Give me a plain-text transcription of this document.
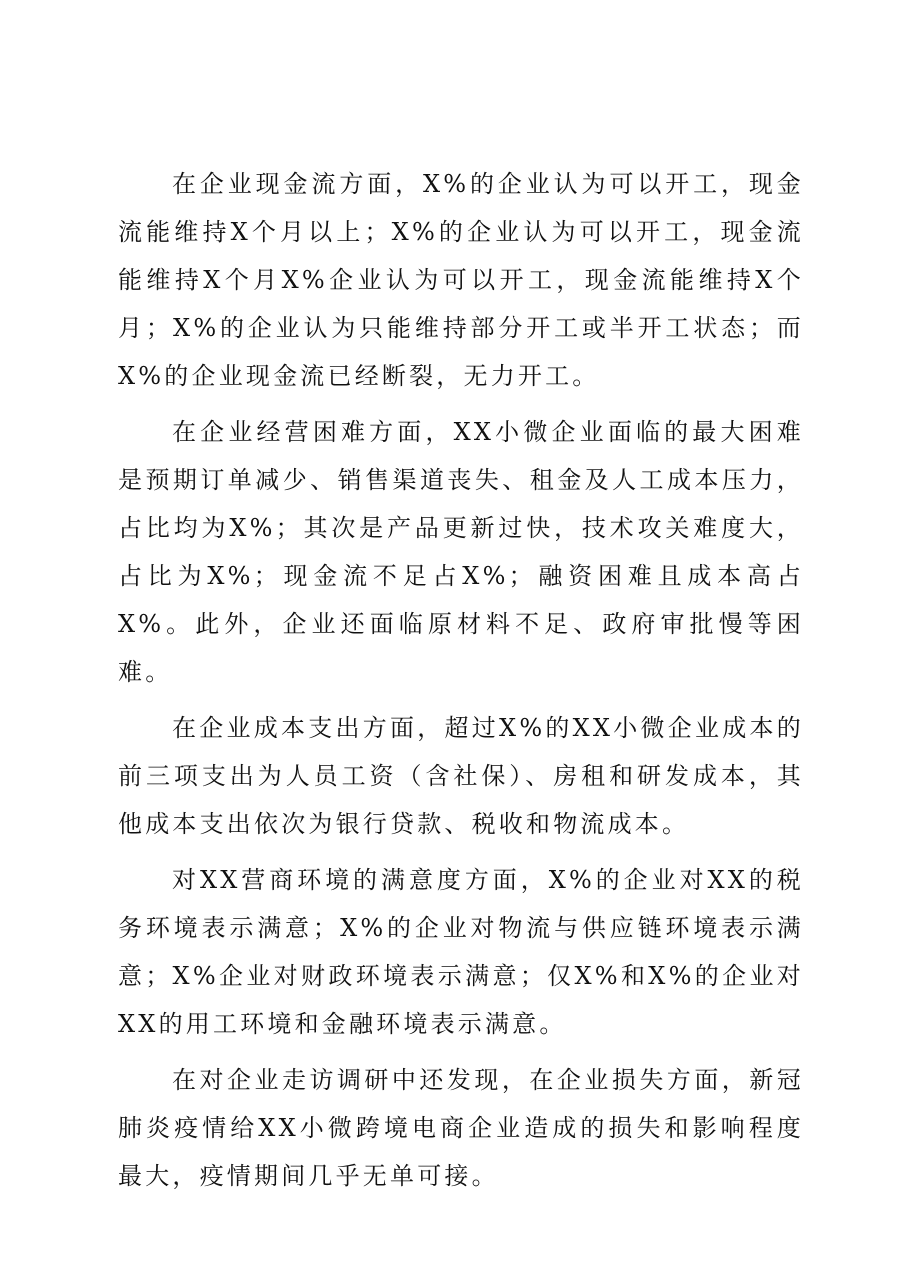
在企业现金流方面，X%的企业认为可以开工，现金流能维持X个月以上；X%的企业认为可以开工，现金流能维持X个月X%企业认为可以开工，现金流能维持X个月；X%的企业认为只能维持部分开工或半开工状态；而X%的企业现金流已经断裂，无力开工。

在企业经营困难方面，XX小微企业面临的最大困难是预期订单减少、销售渠道丧失、租金及人工成本压力，占比均为X%；其次是产品更新过快，技术攻关难度大，占比为X%；现金流不足占X%；融资困难且成本高占X%。此外，企业还面临原材料不足、政府审批慢等困难。

在企业成本支出方面，超过X%的XX小微企业成本的前三项支出为人员工资（含社保）、房租和研发成本，其他成本支出依次为银行贷款、税收和物流成本。

对XX营商环境的满意度方面，X%的企业对XX的税务环境表示满意；X%的企业对物流与供应链环境表示满意；X%企业对财政环境表示满意；仅X%和X%的企业对XX的用工环境和金融环境表示满意。

在对企业走访调研中还发现，在企业损失方面，新冠肺炎疫情给XX小微跨境电商企业造成的损失和影响程度最大，疫情期间几乎无单可接。
